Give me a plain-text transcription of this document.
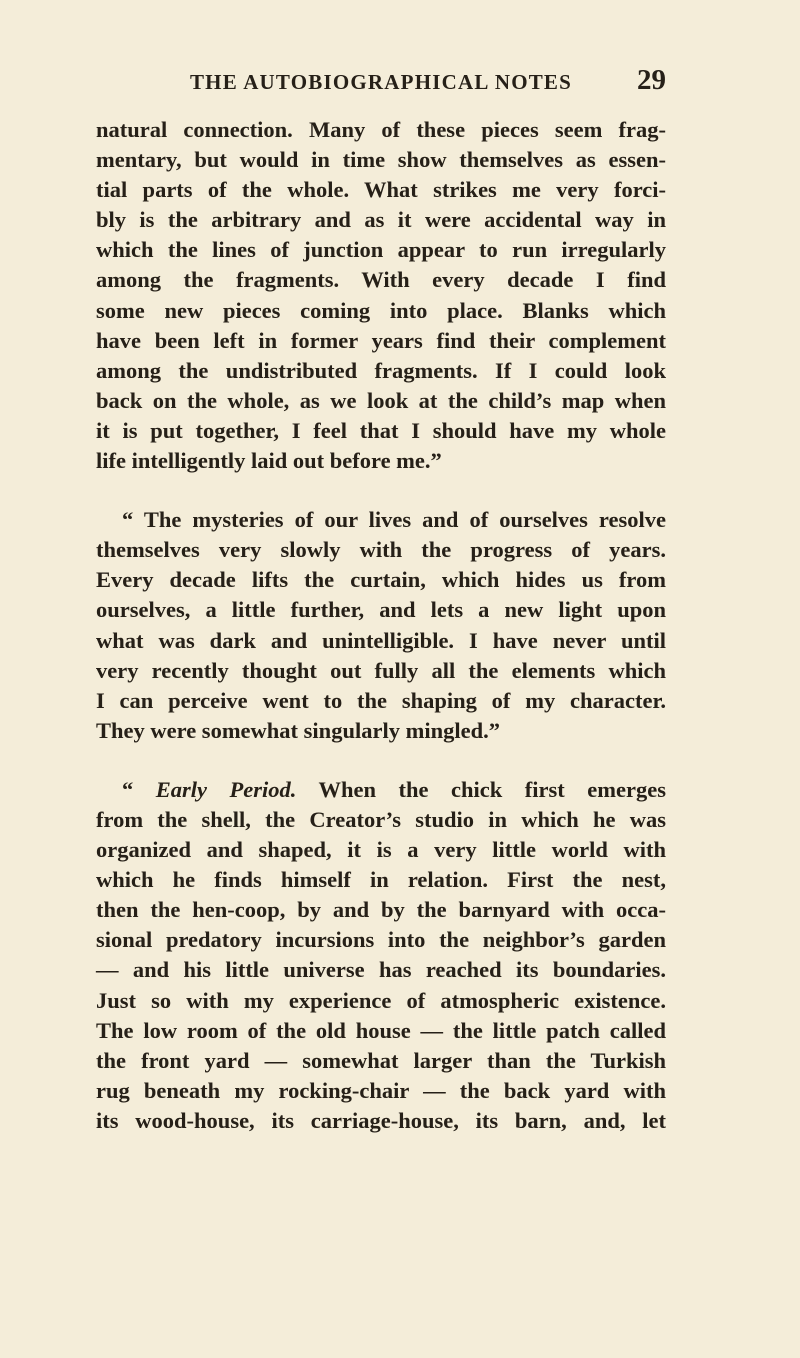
THE AUTOBIOGRAPHICAL NOTES	29
natural connection. Many of these pieces seem frag-
mentary, but would in time show themselves as essen-
tial parts of the whole. What strikes me very forci-
bly is the arbitrary and as it were accidental way in
which the lines of junction appear to run irregularly
among the fragments. With every decade I find
some new pieces coming into place. Blanks which
have been left in former years find their complement
among the undistributed fragments. If I could look
back on the whole, as we look at the child’s map when
it is put together, I feel that I should have my whole
life intelligently laid out before me.”
“ The mysteries of our lives and of ourselves resolve
themselves very slowly with the progress of years.
Every decade lifts the curtain, which hides us from
ourselves, a little further, and lets a new light upon
what was dark and unintelligible. I have never until
very recently thought out fully all the elements which
I can perceive went to the shaping of my character.
They were somewhat singularly mingled.”
“ Early Period. When the chick first emerges
from the shell, the Creator’s studio in which he was
organized and shaped, it is a very little world with
which he finds himself in relation. First the nest,
then the hen-coop, by and by the barnyard with occa-
sional predatory incursions into the neighbor’s garden
— and his little universe has reached its boundaries.
Just so with my experience of atmospheric existence.
The low room of the old house — the little patch called
the front yard — somewhat larger than the Turkish
rug beneath my rocking-chair — the back yard with
its wood-house, its carriage-house, its barn, and, let
